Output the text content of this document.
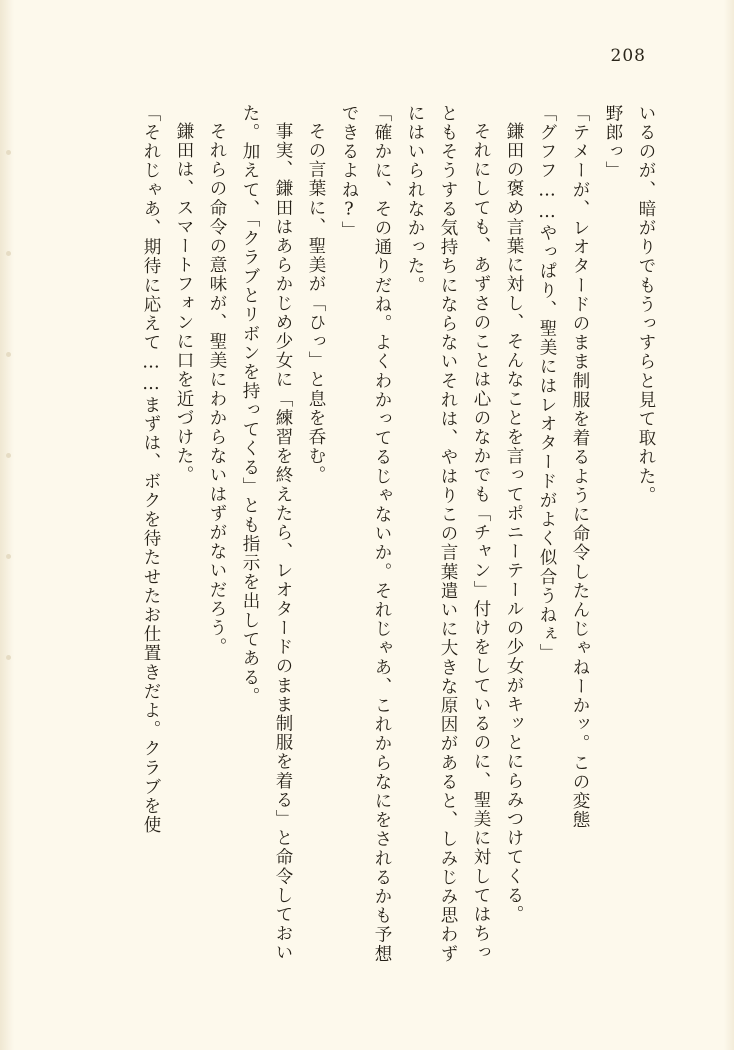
208

いるのが、暗がりでもうっすらと見て取れた。

野郎っ」

「テメーが、レオタードのまま制服を着るように命令したんじゃねーかッ。この変態

「グフフ……やっぱり、聖美にはレオタードがよく似合うねぇ」

鎌田の褒め言葉に対し、そんなことを言ってポニーテールの少女がキッとにらみつけてくる。

それにしても、あずさのことは心のなかでも「チャン」付けをしているのに、聖美に対してはちっともそうする気持ちにならないそれは、やはりこの言葉遣いに大きな原因があると、しみじみ思わずにはいられなかった。

「確かに、その通りだね。よくわかってるじゃないか。それじゃあ、これからなにをされるかも予想できるよね?」

その言葉に、聖美が「ひっ」と息を呑む。

事実、鎌田はあらかじめ少女に「練習を終えたら、レオタードのまま制服を着る」と命令しておいた。加えて、「クラブとリボンを持ってくる」とも指示を出してある。

それらの命令の意味が、聖美にわからないはずがないだろう。

鎌田は、スマートフォンに口を近づけた。

「それじゃあ、期待に応えて……まずは、ボクを待たせたお仕置きだよ。クラブを使
